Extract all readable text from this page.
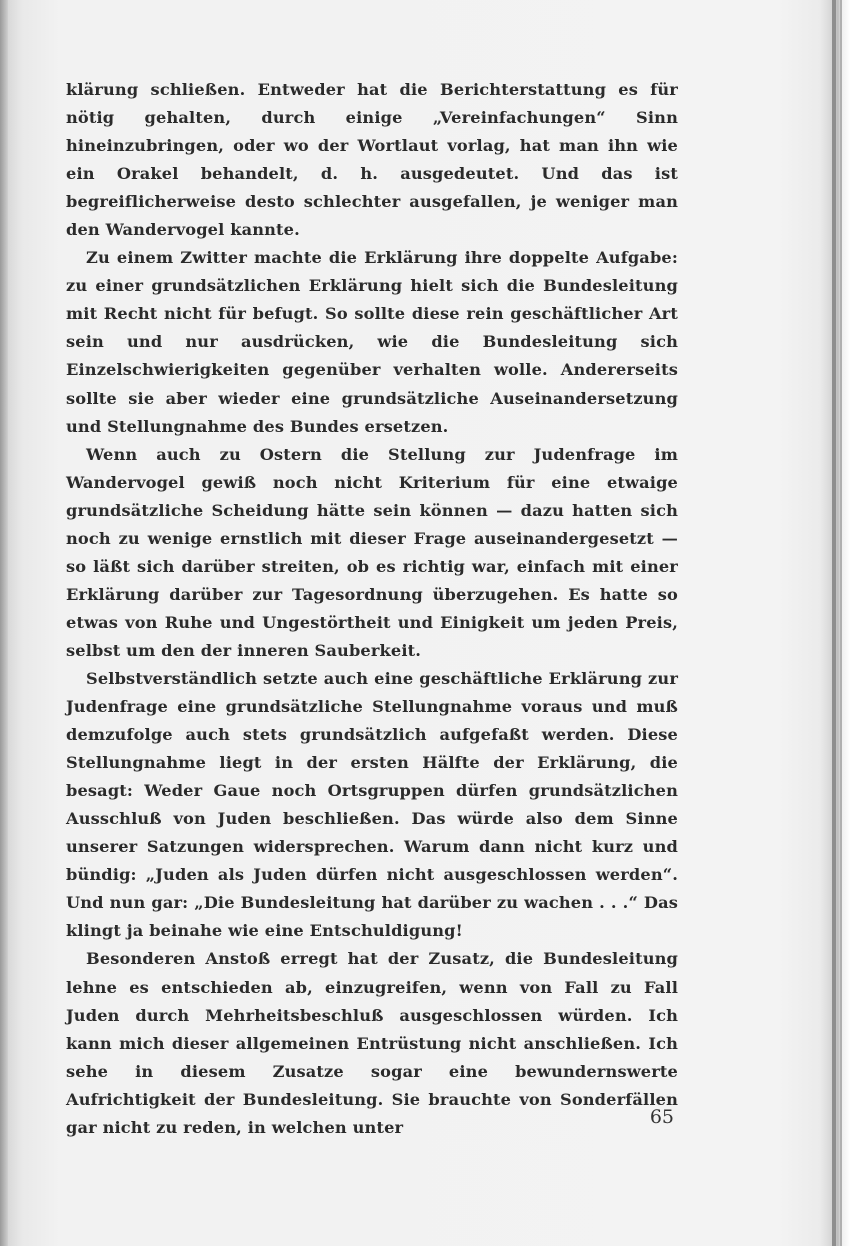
klärung schließen. Entweder hat die Berichterstattung es für nötig gehalten, durch einige „Vereinfachungen“ Sinn hineinzubringen, oder wo der Wortlaut vorlag, hat man ihn wie ein Orakel behandelt, d. h. ausgedeutet. Und das ist begreiflicherweise desto schlechter ausgefallen, je weniger man den Wandervogel kannte.

Zu einem Zwitter machte die Erklärung ihre doppelte Aufgabe: zu einer grundsätzlichen Erklärung hielt sich die Bundesleitung mit Recht nicht für befugt. So sollte diese rein geschäftlicher Art sein und nur ausdrücken, wie die Bundesleitung sich Einzelschwierigkeiten gegenüber verhalten wolle. Andererseits sollte sie aber wieder eine grundsätzliche Auseinandersetzung und Stellungnahme des Bundes ersetzen.

Wenn auch zu Ostern die Stellung zur Judenfrage im Wandervogel gewiß noch nicht Kriterium für eine etwaige grundsätzliche Scheidung hätte sein können — dazu hatten sich noch zu wenige ernstlich mit dieser Frage auseinandergesetzt — so läßt sich darüber streiten, ob es richtig war, einfach mit einer Erklärung darüber zur Tagesordnung überzugehen. Es hatte so etwas von Ruhe und Ungestörtheit und Einigkeit um jeden Preis, selbst um den der inneren Sauberkeit.

Selbstverständlich setzte auch eine geschäftliche Erklärung zur Judenfrage eine grundsätzliche Stellungnahme voraus und muß demzufolge auch stets grundsätzlich aufgefaßt werden. Diese Stellungnahme liegt in der ersten Hälfte der Erklärung, die besagt: Weder Gaue noch Ortsgruppen dürfen grundsätzlichen Ausschluß von Juden beschließen. Das würde also dem Sinne unserer Satzungen widersprechen. Warum dann nicht kurz und bündig: „Juden als Juden dürfen nicht ausgeschlossen werden“. Und nun gar: „Die Bundesleitung hat darüber zu wachen . . .“ Das klingt ja beinahe wie eine Entschuldigung!

Besonderen Anstoß erregt hat der Zusatz, die Bundesleitung lehne es entschieden ab, einzugreifen, wenn von Fall zu Fall Juden durch Mehrheitsbeschluß ausgeschlossen würden. Ich kann mich dieser allgemeinen Entrüstung nicht anschließen. Ich sehe in diesem Zusatze sogar eine bewundernswerte Aufrichtigkeit der Bundesleitung. Sie brauchte von Sonderfällen gar nicht zu reden, in welchen unter	65
